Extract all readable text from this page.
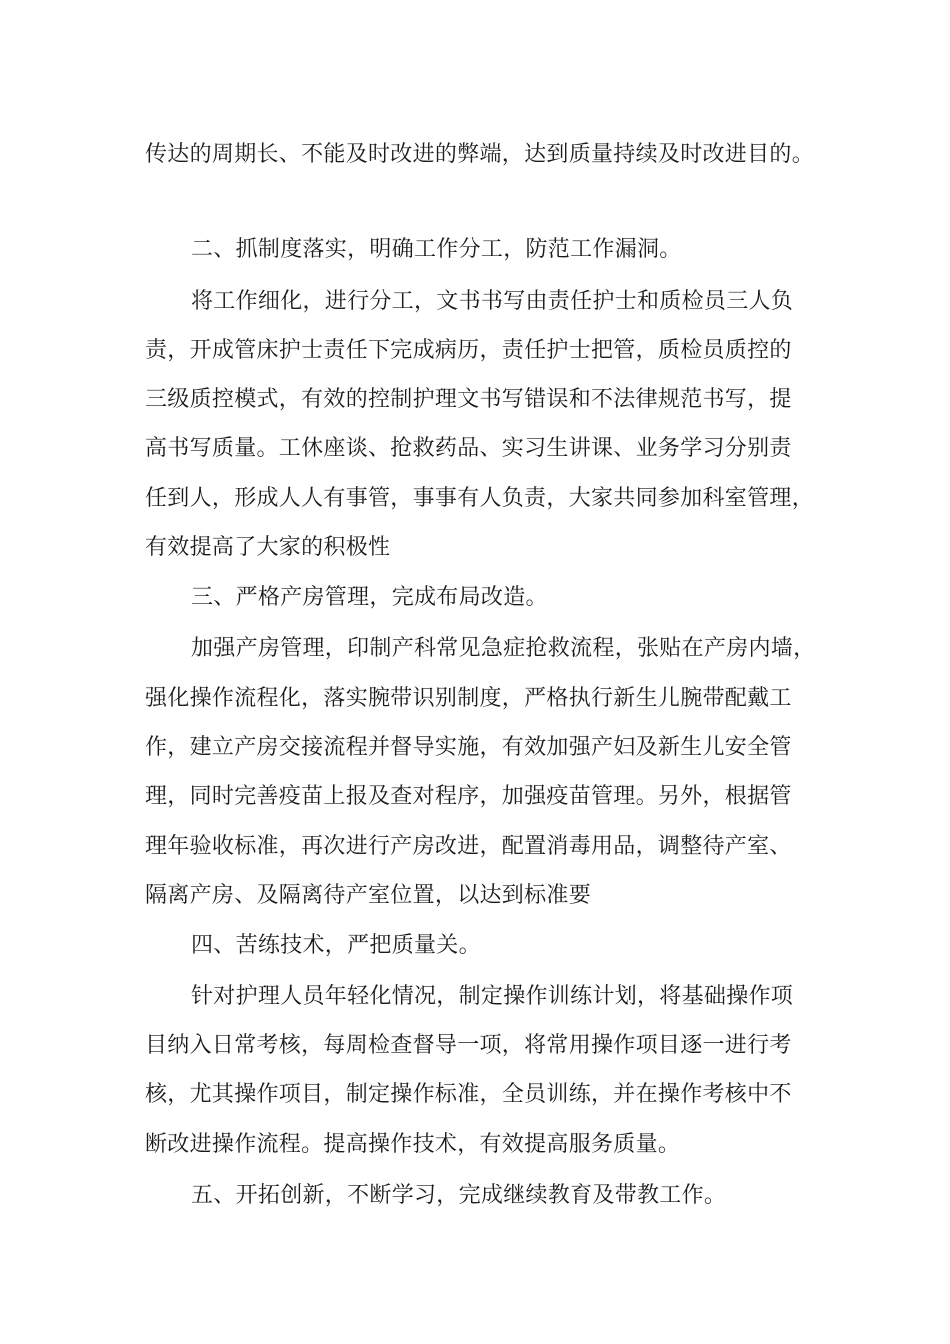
传达的周期长、不能及时改进的弊端，达到质量持续及时改进目的。

二、抓制度落实，明确工作分工，防范工作漏洞。

将工作细化，进行分工，文书书写由责任护士和质检员三人负

责，开成管床护士责任下完成病历，责任护士把管，质检员质控的

三级质控模式，有效的控制护理文书写错误和不法律规范书写，提

高书写质量。工休座谈、抢救药品、实习生讲课、业务学习分别责

任到人，形成人人有事管，事事有人负责，大家共同参加科室管理，

有效提高了大家的积极性

三、严格产房管理，完成布局改造。

加强产房管理，印制产科常见急症抢救流程，张贴在产房内墙，

强化操作流程化，落实腕带识别制度，严格执行新生儿腕带配戴工

作，建立产房交接流程并督导实施，有效加强产妇及新生儿安全管

理，同时完善疫苗上报及查对程序，加强疫苗管理。另外，根据管

理年验收标准，再次进行产房改进，配置消毒用品，调整待产室、

隔离产房、及隔离待产室位置，以达到标准要

四、苦练技术，严把质量关。

针对护理人员年轻化情况，制定操作训练计划，将基础操作项

目纳入日常考核，每周检查督导一项，将常用操作项目逐一进行考

核，尤其操作项目，制定操作标准，全员训练，并在操作考核中不

断改进操作流程。提高操作技术，有效提高服务质量。

五、开拓创新，不断学习，完成继续教育及带教工作。
